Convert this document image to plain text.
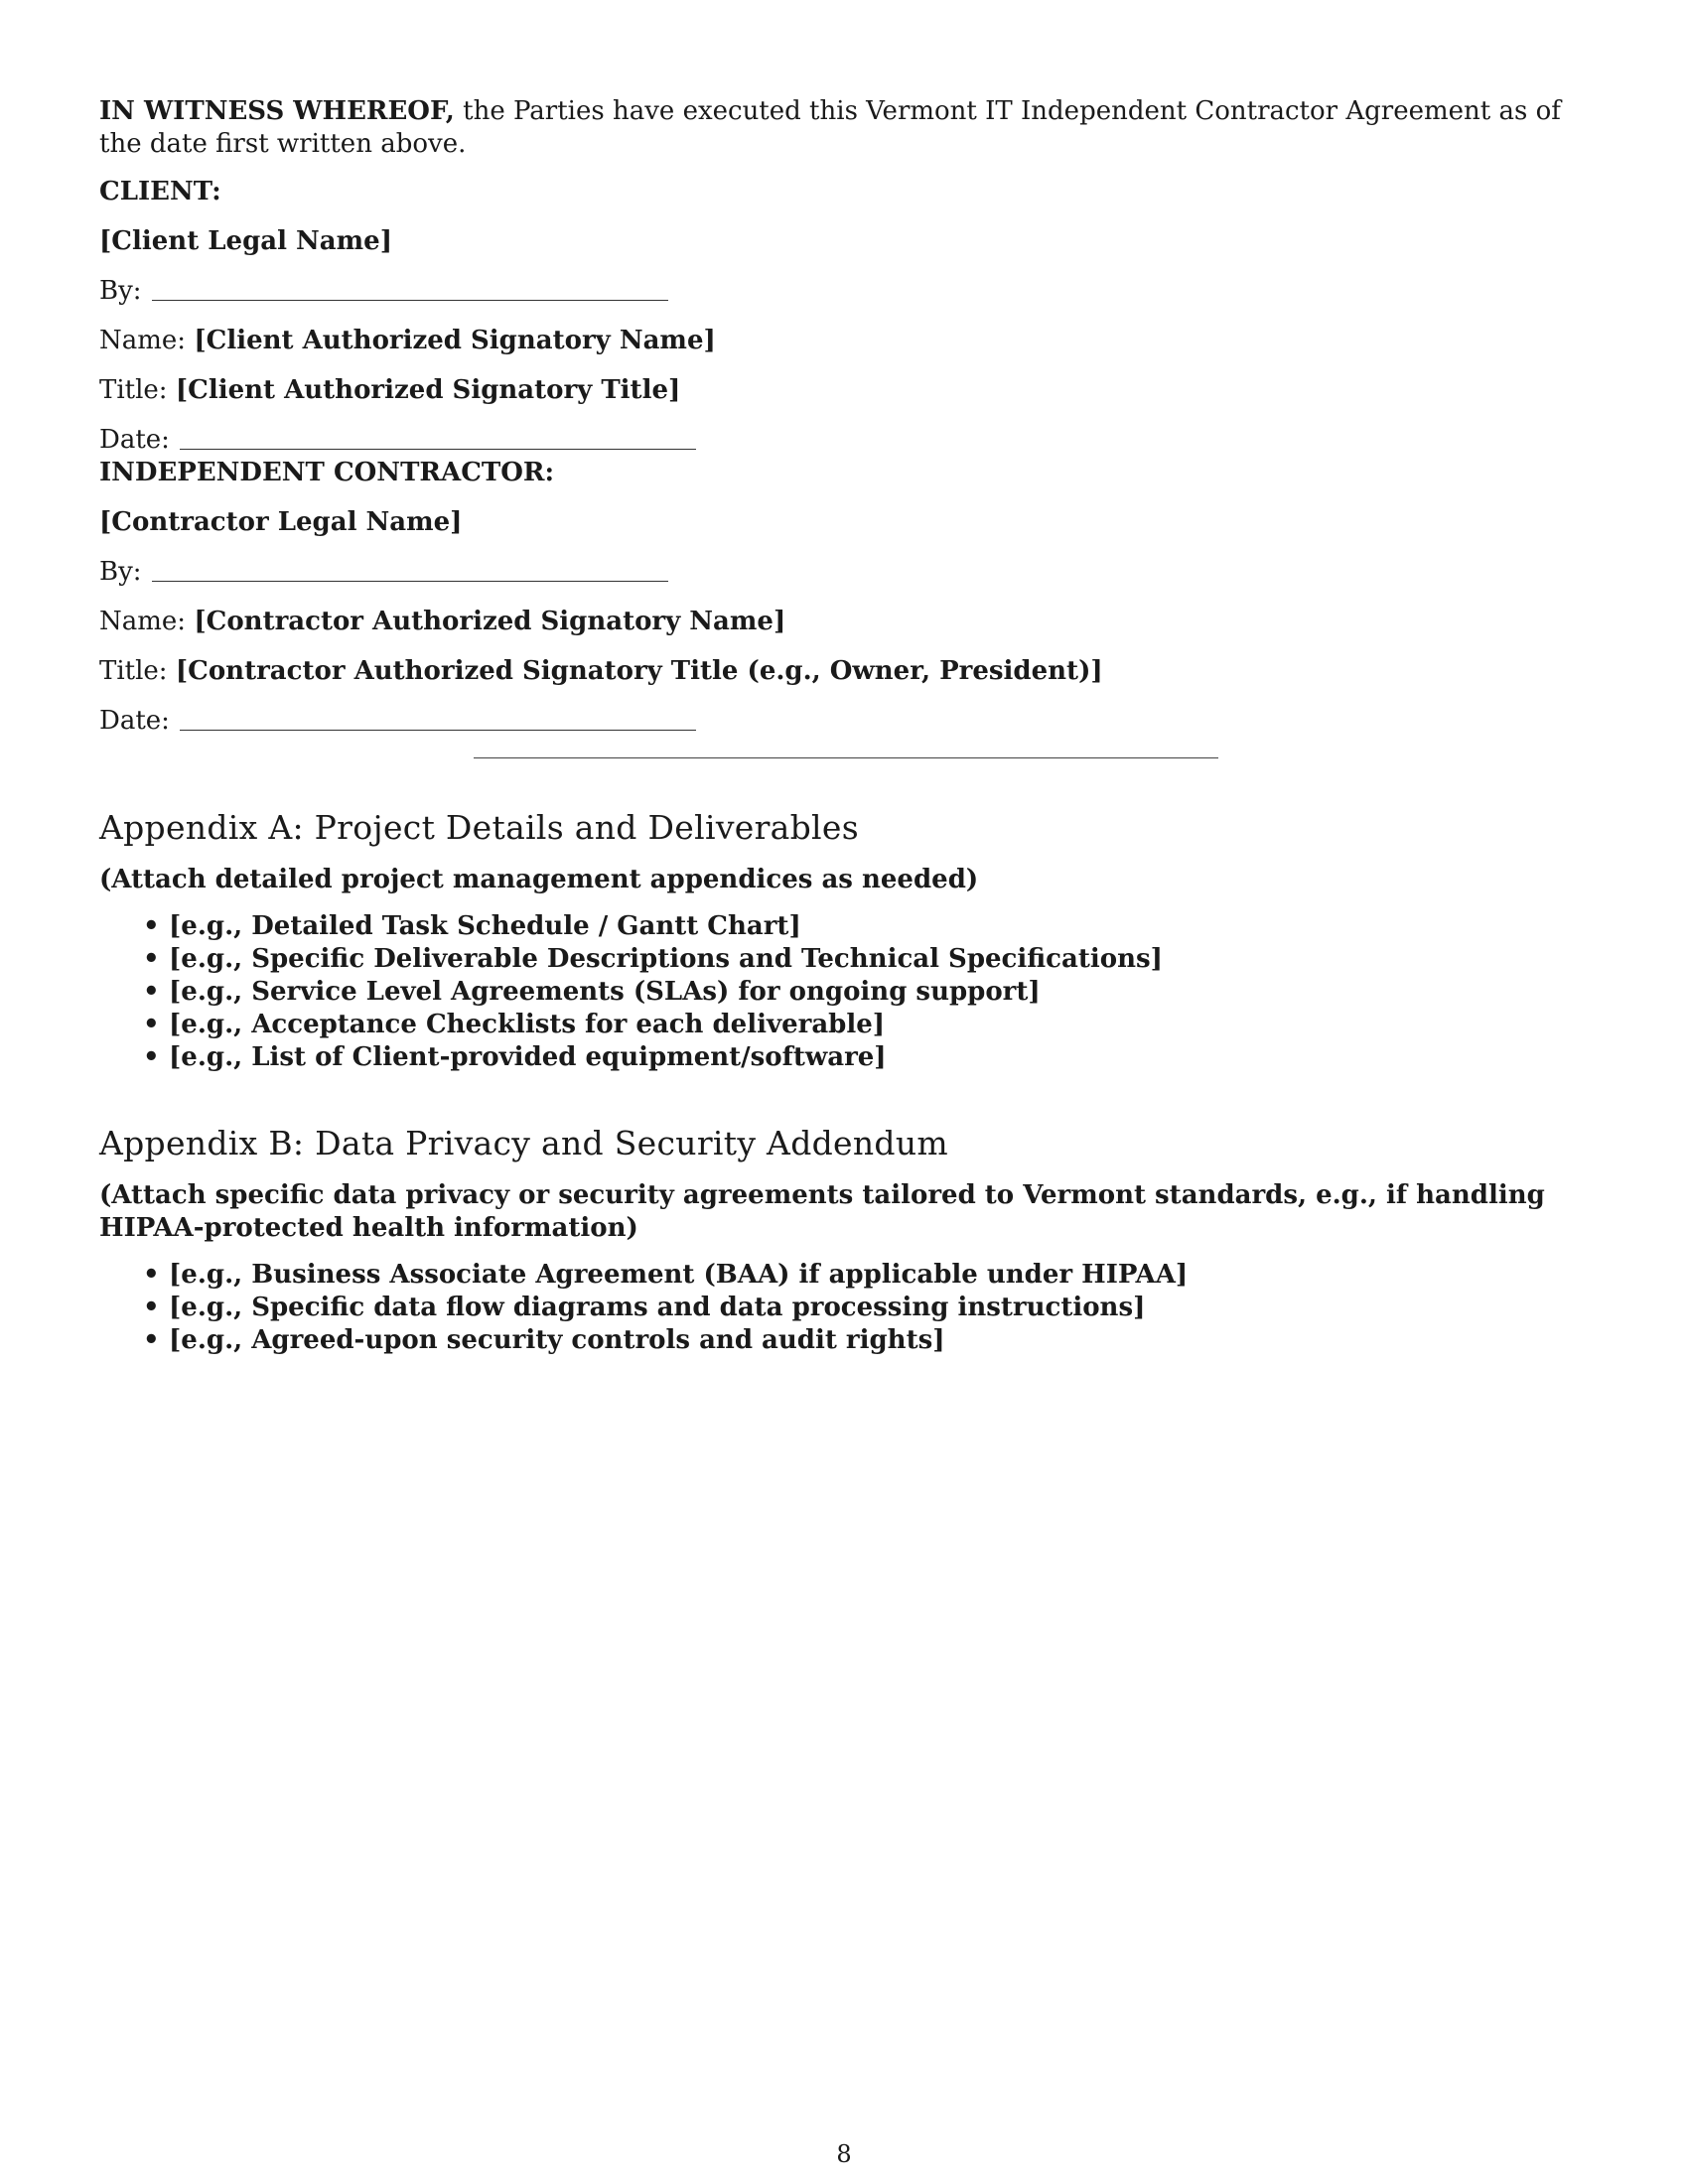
IN WITNESS WHEREOF, the Parties have executed this Vermont IT Independent Contractor Agreement as of the date first written above.

CLIENT:

[Client Legal Name]

By:

Name: [Client Authorized Signatory Name]

Title: [Client Authorized Signatory Title]

Date:

INDEPENDENT CONTRACTOR:

[Contractor Legal Name]

By:

Name: [Contractor Authorized Signatory Name]

Title: [Contractor Authorized Signatory Title (e.g., Owner, President)]

Date:

Appendix A: Project Details and Deliverables

(Attach detailed project management appendices as needed)

• [e.g., Detailed Task Schedule / Gantt Chart]
• [e.g., Specific Deliverable Descriptions and Technical Specifications]
• [e.g., Service Level Agreements (SLAs) for ongoing support]
• [e.g., Acceptance Checklists for each deliverable]
• [e.g., List of Client-provided equipment/software]
Appendix B: Data Privacy and Security Addendum

(Attach specific data privacy or security agreements tailored to Vermont standards, e.g., if handling HIPAA-protected health information)

• [e.g., Business Associate Agreement (BAA) if applicable under HIPAA]
• [e.g., Specific data flow diagrams and data processing instructions]
• [e.g., Agreed-upon security controls and audit rights]
8
